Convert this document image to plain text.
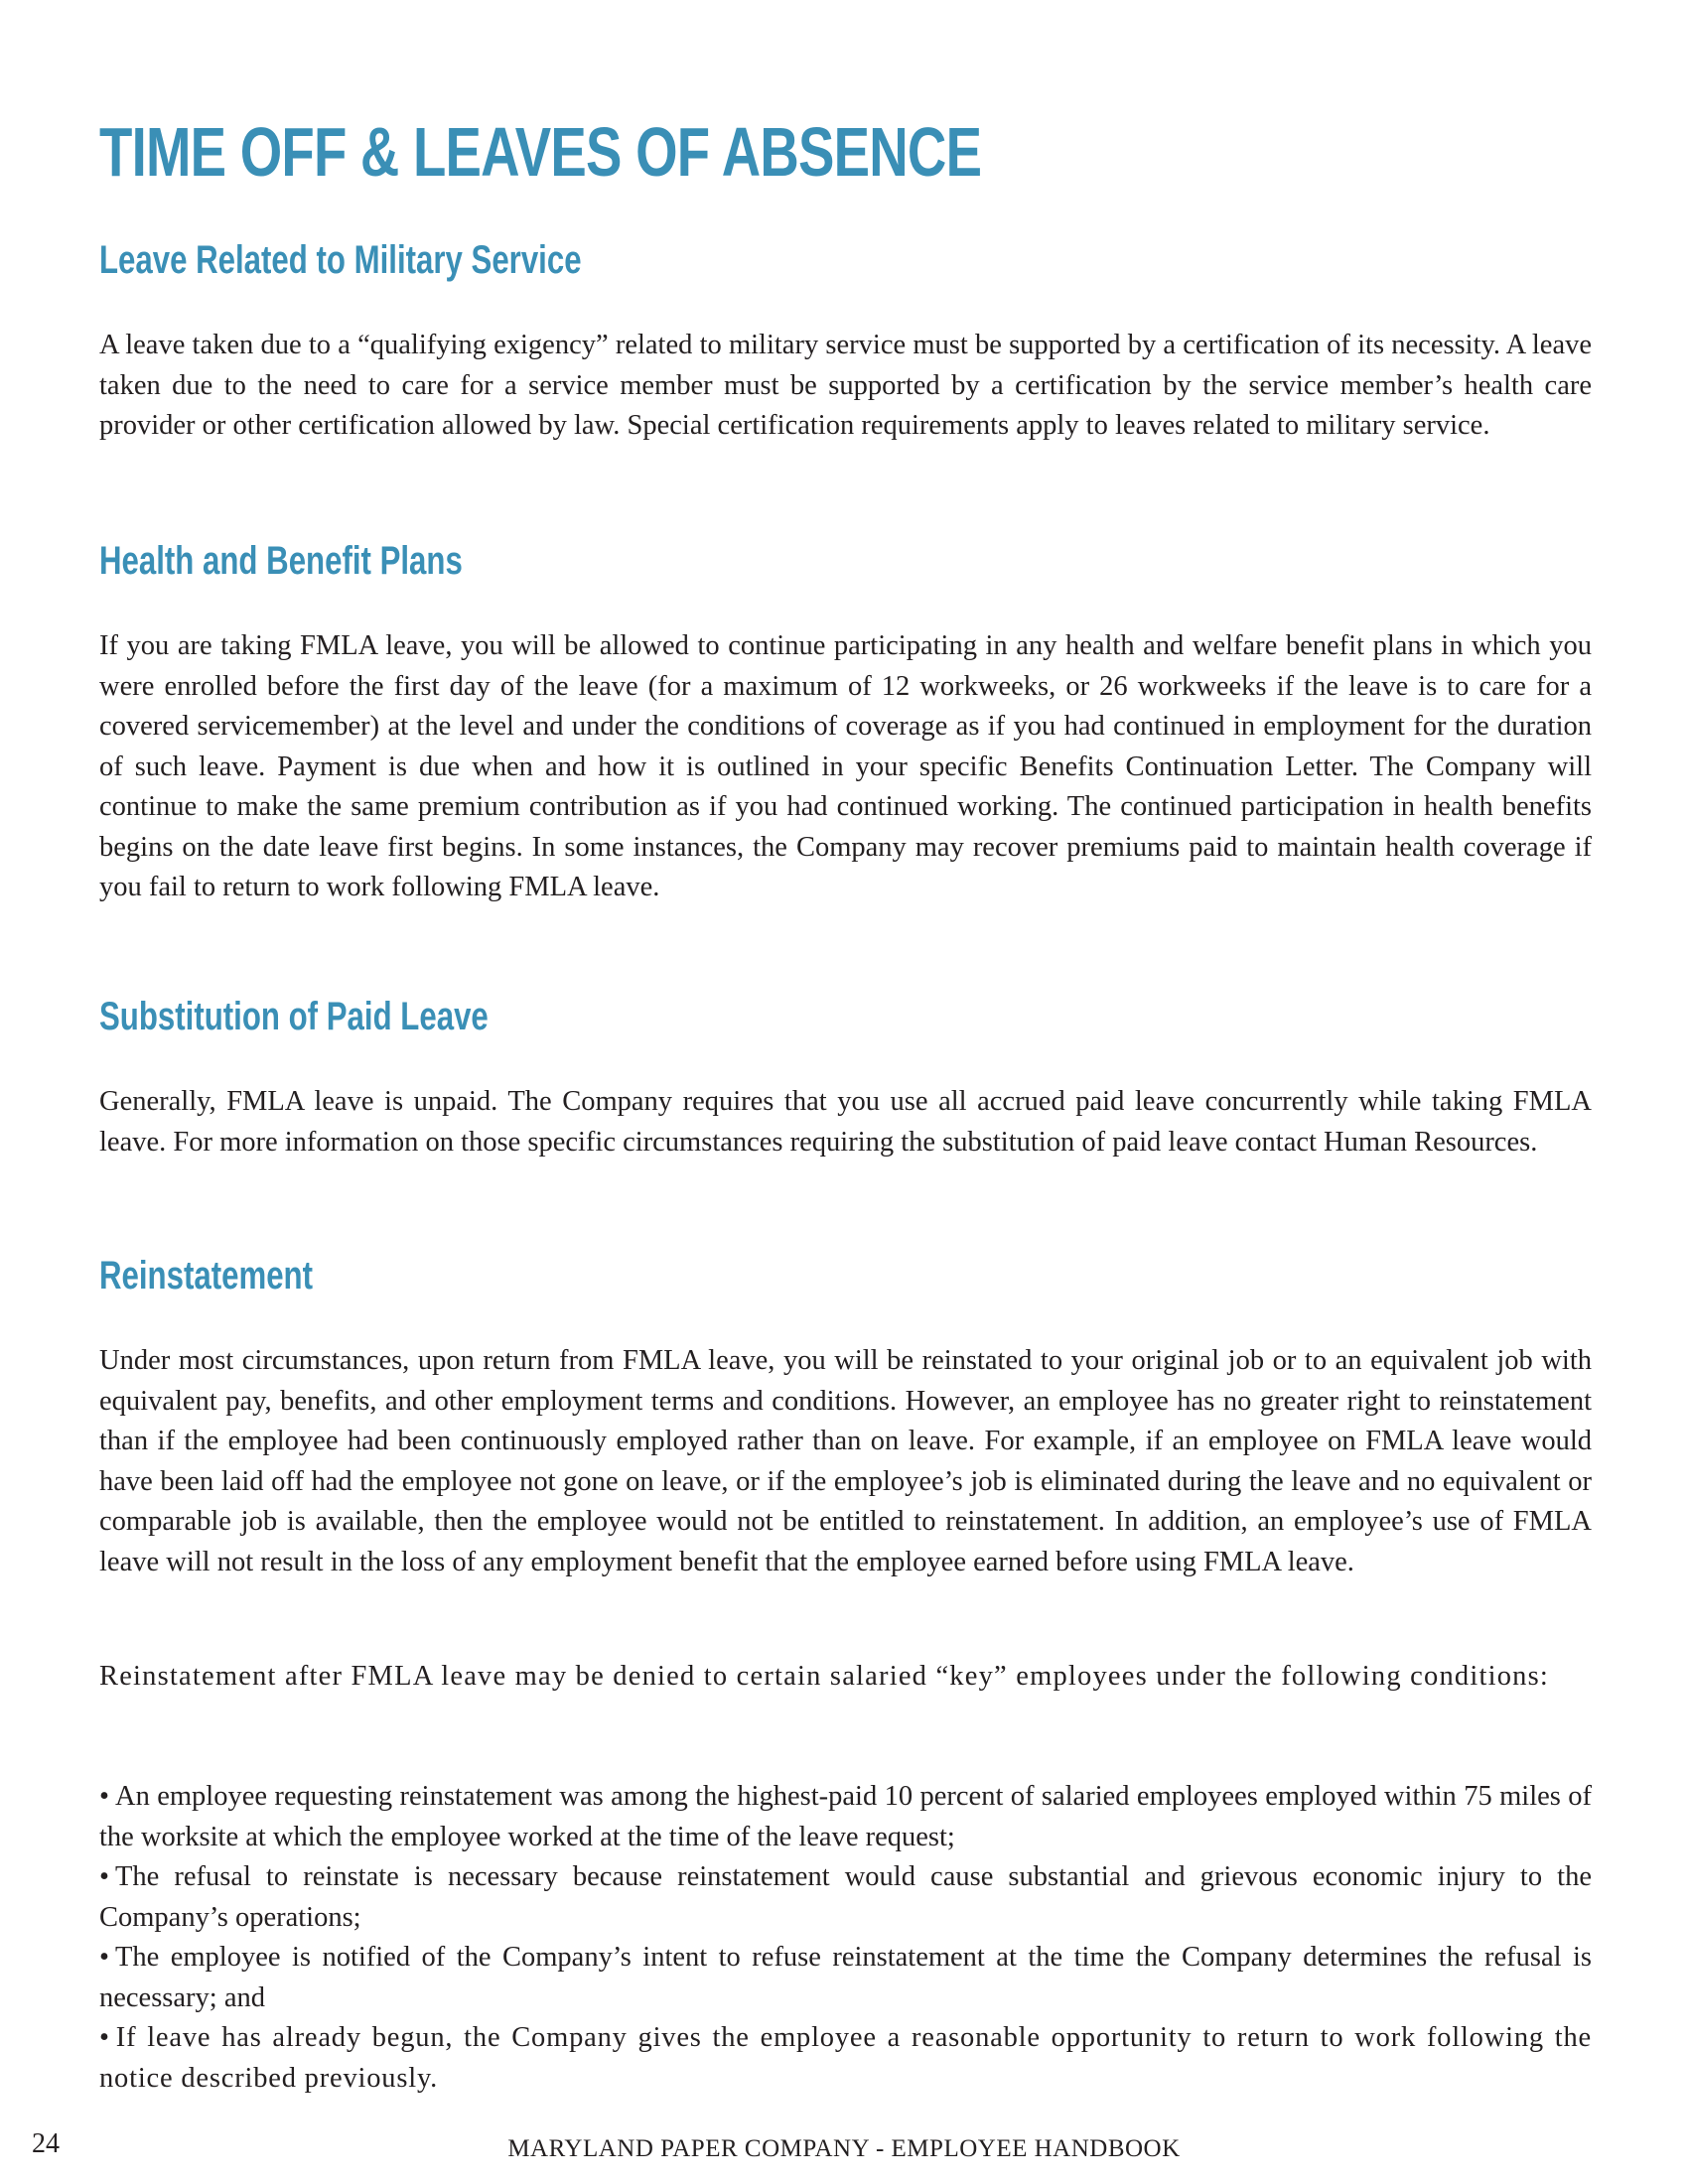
TIME OFF & LEAVES OF ABSENCE
Leave Related to Military Service

A leave taken due to a “qualifying exigency” related to military service must be supported by a certification of its necessity. A leave taken due to the need to care for a service member must be supported by a certification by the service member’s health care provider or other certification allowed by law. Special certification requirements apply to leaves related to military service.

Health and Benefit Plans

If you are taking FMLA leave, you will be allowed to continue participating in any health and welfare benefit plans in which you were enrolled before the first day of the leave (for a maximum of 12 workweeks, or 26 workweeks if the leave is to care for a covered servicemember) at the level and under the conditions of coverage as if you had continued in employment for the duration of such leave. Payment is due when and how it is outlined in your specific Benefits Continuation Letter. The Company will continue to make the same premium contribution as if you had continued working. The continued participation in health benefits begins on the date leave first begins. In some instances, the Company may recover premiums paid to maintain health coverage if you fail to return to work following FMLA leave.

Substitution of Paid Leave

Generally, FMLA leave is unpaid. The Company requires that you use all accrued paid leave concurrently while taking FMLA leave. For more information on those specific circumstances requiring the substitution of paid leave contact Human Resources.

Reinstatement

Under most circumstances, upon return from FMLA leave, you will be reinstated to your original job or to an equivalent job with equivalent pay, benefits, and other employment terms and conditions. However, an employee has no greater right to reinstatement than if the employee had been continuously employed rather than on leave. For example, if an employee on FMLA leave would have been laid off had the employee not gone on leave, or if the employee’s job is eliminated during the leave and no equivalent or comparable job is available, then the employee would not be entitled to reinstatement. In addition, an employee’s use of FMLA leave will not result in the loss of any employment benefit that the employee earned before using FMLA leave.

Reinstatement after FMLA leave may be denied to certain salaried “key” employees under the following conditions:

• An employee requesting reinstatement was among the highest-paid 10 percent of salaried employees employed within 75 miles of the worksite at which the employee worked at the time of the leave request;
• The refusal to reinstate is necessary because reinstatement would cause substantial and grievous economic injury to the Company’s operations;
• The employee is notified of the Company’s intent to refuse reinstatement at the time the Company determines the refusal is necessary; and
• If leave has already begun, the Company gives the employee a reasonable opportunity to return to work following the notice described previously.
24	MARYLAND PAPER COMPANY - EMPLOYEE HANDBOOK
